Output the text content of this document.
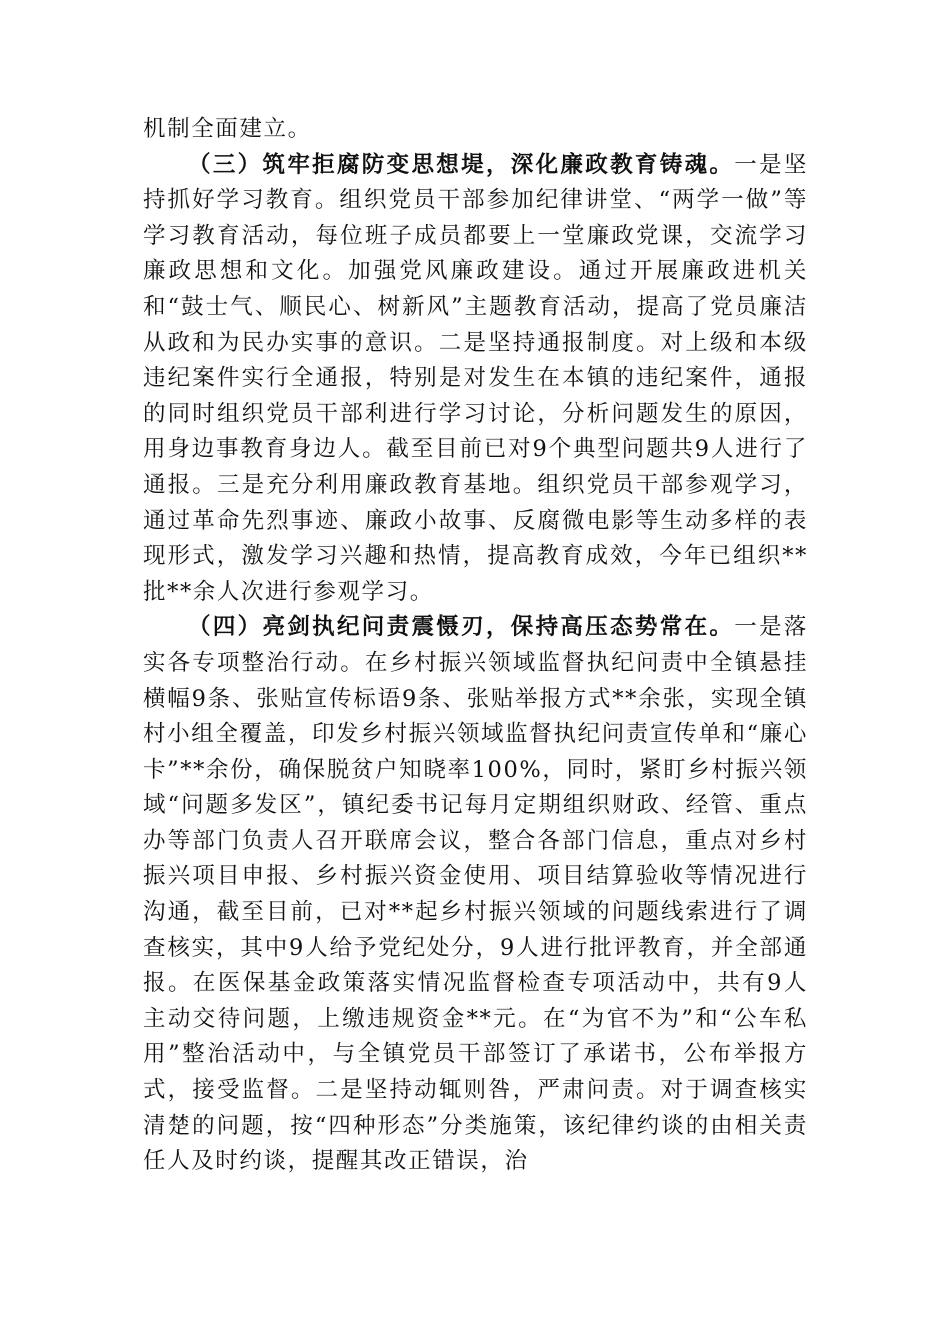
机制全面建立。

（三）筑牢拒腐防变思想堤，深化廉政教育铸魂。一是坚持抓好学习教育。组织党员干部参加纪律讲堂、“两学一做”等学习教育活动，每位班子成员都要上一堂廉政党课，交流学习廉政思想和文化。加强党风廉政建设。通过开展廉政进机关和“鼓士气、顺民心、树新风”主题教育活动，提高了党员廉洁从政和为民办实事的意识。二是坚持通报制度。对上级和本级违纪案件实行全通报，特别是对发生在本镇的违纪案件，通报的同时组织党员干部利进行学习讨论，分析问题发生的原因，用身边事教育身边人。截至目前已对9个典型问题共9人进行了通报。三是充分利用廉政教育基地。组织党员干部参观学习，通过革命先烈事迹、廉政小故事、反腐微电影等生动多样的表现形式，激发学习兴趣和热情，提高教育成效，今年已组织**批**余人次进行参观学习。

（四）亮剑执纪问责震慑刃，保持高压态势常在。一是落实各专项整治行动。在乡村振兴领域监督执纪问责中全镇悬挂横幅9条、张贴宣传标语9条、张贴举报方式**余张，实现全镇村小组全覆盖，印发乡村振兴领域监督执纪问责宣传单和“廉心卡”**余份，确保脱贫户知晓率100%，同时，紧盯乡村振兴领域“问题多发区”，镇纪委书记每月定期组织财政、经管、重点办等部门负责人召开联席会议，整合各部门信息，重点对乡村振兴项目申报、乡村振兴资金使用、项目结算验收等情况进行沟通，截至目前，已对**起乡村振兴领域的问题线索进行了调查核实，其中9人给予党纪处分，9人进行批评教育，并全部通报。在医保基金政策落实情况监督检查专项活动中，共有9人主动交待问题，上缴违规资金**元。在“为官不为”和“公车私用”整治活动中，与全镇党员干部签订了承诺书，公布举报方式，接受监督。二是坚持动辄则咎，严肃问责。对于调查核实清楚的问题，按“四种形态”分类施策，该纪律约谈的由相关责任人及时约谈，提醒其改正错误，治
